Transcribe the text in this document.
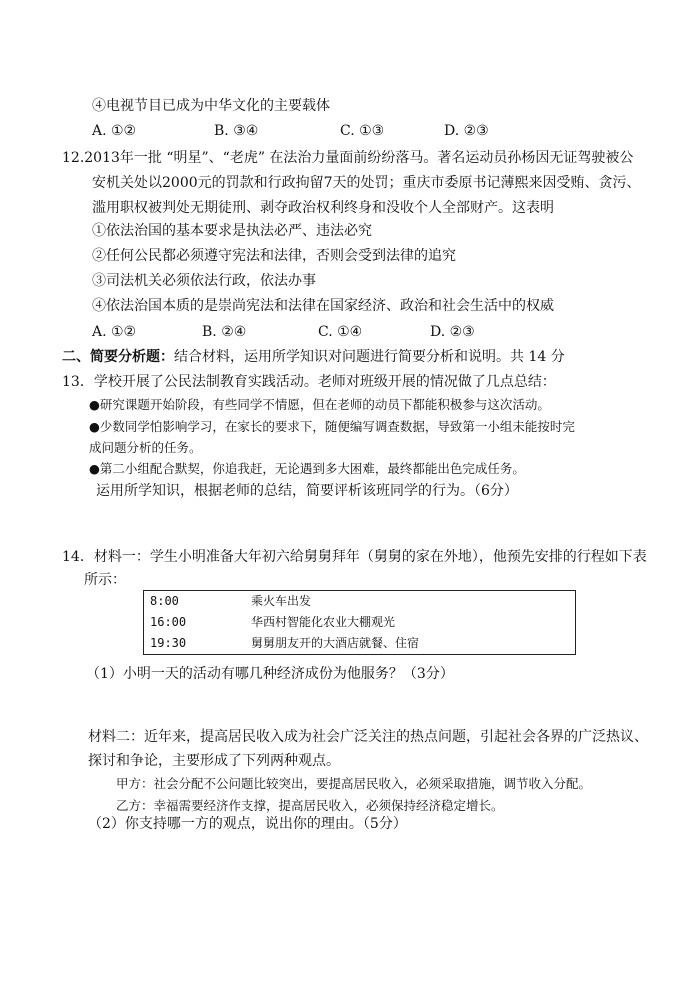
④电视节目已成为中华文化的主要载体
A. ①②	B. ③④	C. ①③	D. ②③
12.2013年一批 “明星”、“老虎” 在法治力量面前纷纷落马。著名运动员孙杨因无证驾驶被公
安机关处以2000元的罚款和行政拘留7天的处罚；重庆市委原书记薄熙来因受贿、贪污、
滥用职权被判处无期徒刑、剥夺政治权利终身和没收个人全部财产。这表明
①依法治国的基本要求是执法必严、违法必究
②任何公民都必须遵守宪法和法律，否则会受到法律的追究
③司法机关必须依法行政，依法办事
④依法治国本质的是崇尚宪法和法律在国家经济、政治和社会生活中的权威
A. ①②	B. ②④	C. ①④	D. ②③
二、简要分析题：结合材料，运用所学知识对问题进行简要分析和说明。共 14 分
13．学校开展了公民法制教育实践活动。老师对班级开展的情况做了几点总结：
●研究课题开始阶段，有些同学不情愿，但在老师的动员下都能积极参与这次活动。
●少数同学怕影响学习，在家长的要求下，随便编写调查数据，导致第一小组未能按时完
成问题分析的任务。
●第二小组配合默契，你追我赶，无论遇到多大困难，最终都能出色完成任务。
运用所学知识，根据老师的总结，简要评析该班同学的行为。（6分）
14．材料一：学生小明准备大年初六给舅舅拜年（舅舅的家在外地），他预先安排的行程如下表
所示：
8:00	乘火车出发
16:00	华西村智能化农业大棚观光
19:30	舅舅朋友开的大酒店就餐、住宿
（1）小明一天的活动有哪几种经济成份为他服务？（3分）
材料二：近年来，提高居民收入成为社会广泛关注的热点问题，引起社会各界的广泛热议、
探讨和争论，主要形成了下列两种观点。
甲方：社会分配不公问题比较突出，要提高居民收入，必须采取措施，调节收入分配。
乙方：幸福需要经济作支撑，提高居民收入，必须保持经济稳定增长。
（2）你支持哪一方的观点，说出你的理由。（5分）
